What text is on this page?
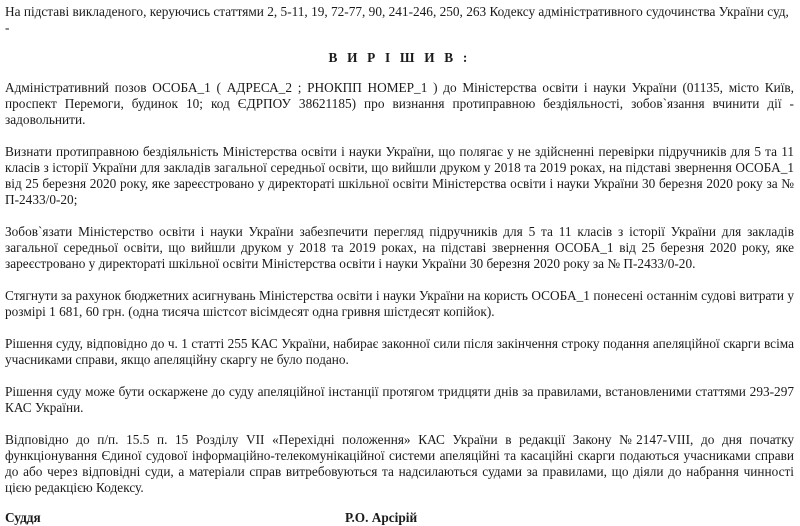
На підставі викладеного, керуючись статтями 2, 5-11, 19, 72-77, 90, 241-246, 250, 263 Кодексу адміністративного судочинства України суд, -

В И Р І Ш И В :

Адміністративний позов ОСОБА_1 ( АДРЕСА_2 ; РНОКПП НОМЕР_1 ) до Міністерства освіти і науки України (01135, місто Київ, проспект Перемоги, будинок 10; код ЄДРПОУ 38621185) про визнання протиправною бездіяльності, зобов`язання вчинити дії - задовольнити.

Визнати протиправною бездіяльність Міністерства освіти і науки України, що полягає у не здійсненні перевірки підручників для 5 та 11 класів з історії України для закладів загальної середньої освіти, що вийшли друком у 2018 та 2019 роках, на підставі звернення ОСОБА_1 від 25 березня 2020 року, яке зареєстровано у директораті шкільної освіти Міністерства освіти і науки України 30 березня 2020 року за № П-2433/0-20;

Зобов`язати Міністерство освіти і науки України забезпечити перегляд підручників для 5 та 11 класів з історії України для закладів загальної середньої освіти, що вийшли друком у 2018 та 2019 роках, на підставі звернення ОСОБА_1 від 25 березня 2020 року, яке зареєстровано у директораті шкільної освіти Міністерства освіти і науки України 30 березня 2020 року за № П-2433/0-20.

Стягнути за рахунок бюджетних асигнувань Міністерства освіти і науки України на користь ОСОБА_1 понесені останнім судові витрати у розмірі 1 681, 60 грн. (одна тисяча шістсот вісімдесят одна гривня шістдесят копійок).

Рішення суду, відповідно до ч. 1 статті 255 КАС України, набирає законної сили після закінчення строку подання апеляційної скарги всіма учасниками справи, якщо апеляційну скаргу не було подано.

Рішення суду може бути оскаржене до суду апеляційної інстанції протягом тридцяти днів за правилами, встановленими статтями 293-297 КАС України.

Відповідно до п/п. 15.5 п. 15 Розділу VII «Перехідні положення» КАС України в редакції Закону №2147-VIII, до дня початку функціонування Єдиної судової інформаційно-телекомунікаційної системи апеляційні та касаційні скарги подаються учасниками справи до або через відповідні суди, а матеріали справ витребовуються та надсилаються судами за правилами, що діяли до набрання чинності цією редакцією Кодексу.

Суддя	Р.О. Арсірій
